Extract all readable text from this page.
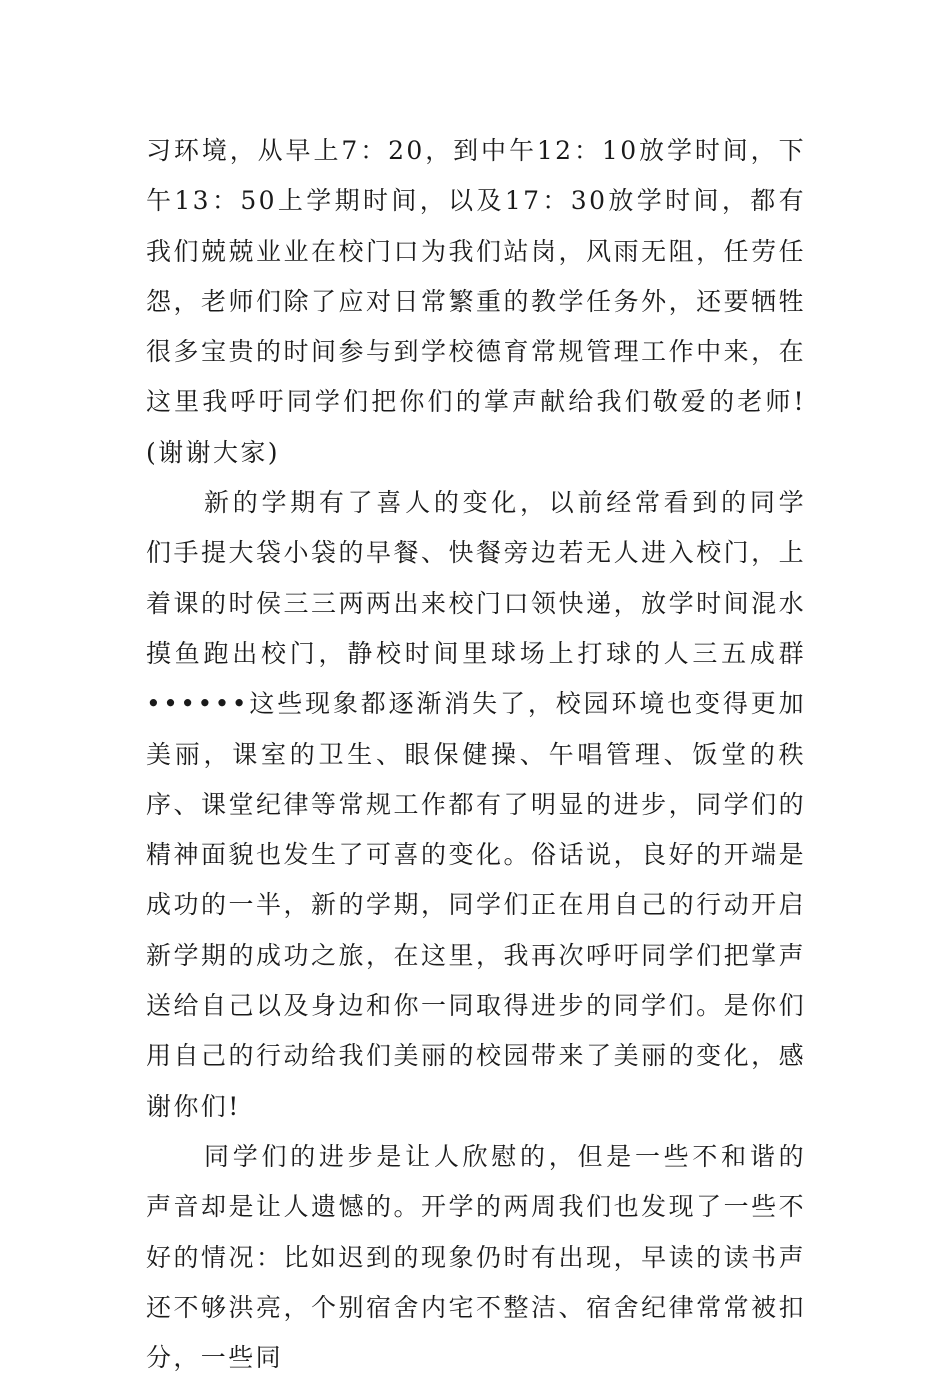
习环境，从早上7：20，到中午12：10放学时间，下午13：50上学期时间，以及17：30放学时间，都有我们兢兢业业在校门口为我们站岗，风雨无阻，任劳任怨，老师们除了应对日常繁重的教学任务外，还要牺牲很多宝贵的时间参与到学校德育常规管理工作中来，在这里我呼吁同学们把你们的掌声献给我们敬爱的老师!(谢谢大家)

新的学期有了喜人的变化，以前经常看到的同学们手提大袋小袋的早餐、快餐旁边若无人进入校门，上着课的时侯三三两两出来校门口领快递，放学时间混水摸鱼跑出校门，静校时间里球场上打球的人三五成群••••••这些现象都逐渐消失了，校园环境也变得更加美丽，课室的卫生、眼保健操、午唱管理、饭堂的秩序、课堂纪律等常规工作都有了明显的进步，同学们的精神面貌也发生了可喜的变化。俗话说，良好的开端是成功的一半，新的学期，同学们正在用自己的行动开启新学期的成功之旅，在这里，我再次呼吁同学们把掌声送给自己以及身边和你一同取得进步的同学们。是你们用自己的行动给我们美丽的校园带来了美丽的变化，感谢你们!

同学们的进步是让人欣慰的，但是一些不和谐的声音却是让人遗憾的。开学的两周我们也发现了一些不好的情况：比如迟到的现象仍时有出现，早读的读书声还不够洪亮，个别宿舍内宅不整洁、宿舍纪律常常被扣分，一些同
